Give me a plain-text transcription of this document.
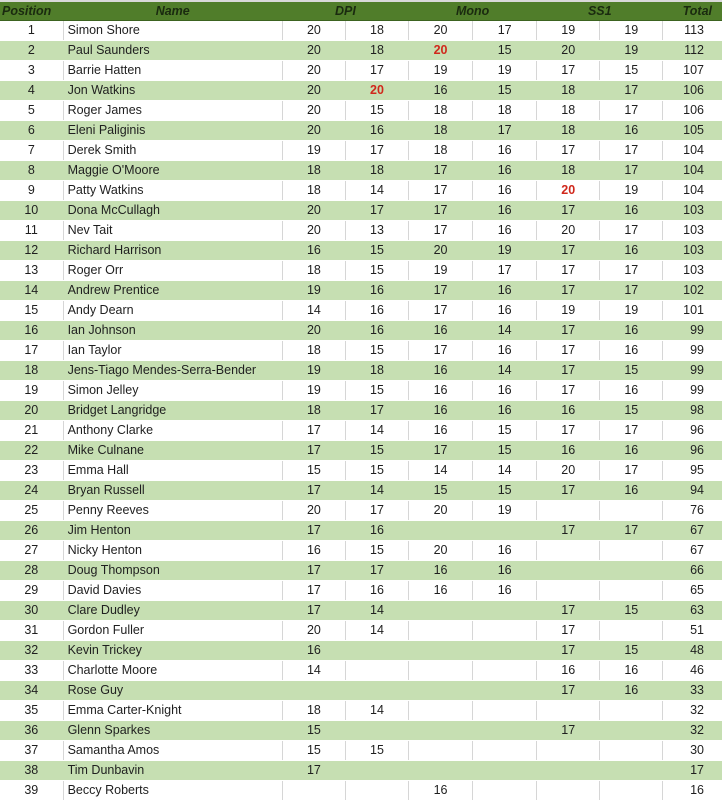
Position	Name	DPI		Mono		SS1		Total
1	Simon Shore	20	18	20	17	19	19	113
2	Paul Saunders	20	18	20	15	20	19	112
3	Barrie Hatten	20	17	19	19	17	15	107
4	Jon Watkins	20	20	16	15	18	17	106
5	Roger James	20	15	18	18	18	17	106
6	Eleni Paliginis	20	16	18	17	18	16	105
7	Derek Smith	19	17	18	16	17	17	104
8	Maggie O'Moore	18	18	17	16	18	17	104
9	Patty Watkins	18	14	17	16	20	19	104
10	Dona McCullagh	20	17	17	16	17	16	103
11	Nev Tait	20	13	17	16	20	17	103
12	Richard Harrison	16	15	20	19	17	16	103
13	Roger Orr	18	15	19	17	17	17	103
14	Andrew Prentice	19	16	17	16	17	17	102
15	Andy Dearn	14	16	17	16	19	19	101
16	Ian Johnson	20	16	16	14	17	16	99
17	Ian Taylor	18	15	17	16	17	16	99
18	Jens-Tiago Mendes-Serra-Bender	19	18	16	14	17	15	99
19	Simon Jelley	19	15	16	16	17	16	99
20	Bridget Langridge	18	17	16	16	16	15	98
21	Anthony Clarke	17	14	16	15	17	17	96
22	Mike Culnane	17	15	17	15	16	16	96
23	Emma Hall	15	15	14	14	20	17	95
24	Bryan Russell	17	14	15	15	17	16	94
25	Penny Reeves	20	17	20	19			76
26	Jim Henton	17	16			17	17	67
27	Nicky Henton	16	15	20	16			67
28	Doug Thompson	17	17	16	16			66
29	David Davies	17	16	16	16			65
30	Clare Dudley	17	14			17	15	63
31	Gordon Fuller	20	14			17		51
32	Kevin Trickey	16				17	15	48
33	Charlotte Moore	14				16	16	46
34	Rose Guy					17	16	33
35	Emma Carter-Knight	18	14					32
36	Glenn Sparkes	15				17		32
37	Samantha Amos	15	15					30
38	Tim Dunbavin	17						17
39	Beccy Roberts			16				16
